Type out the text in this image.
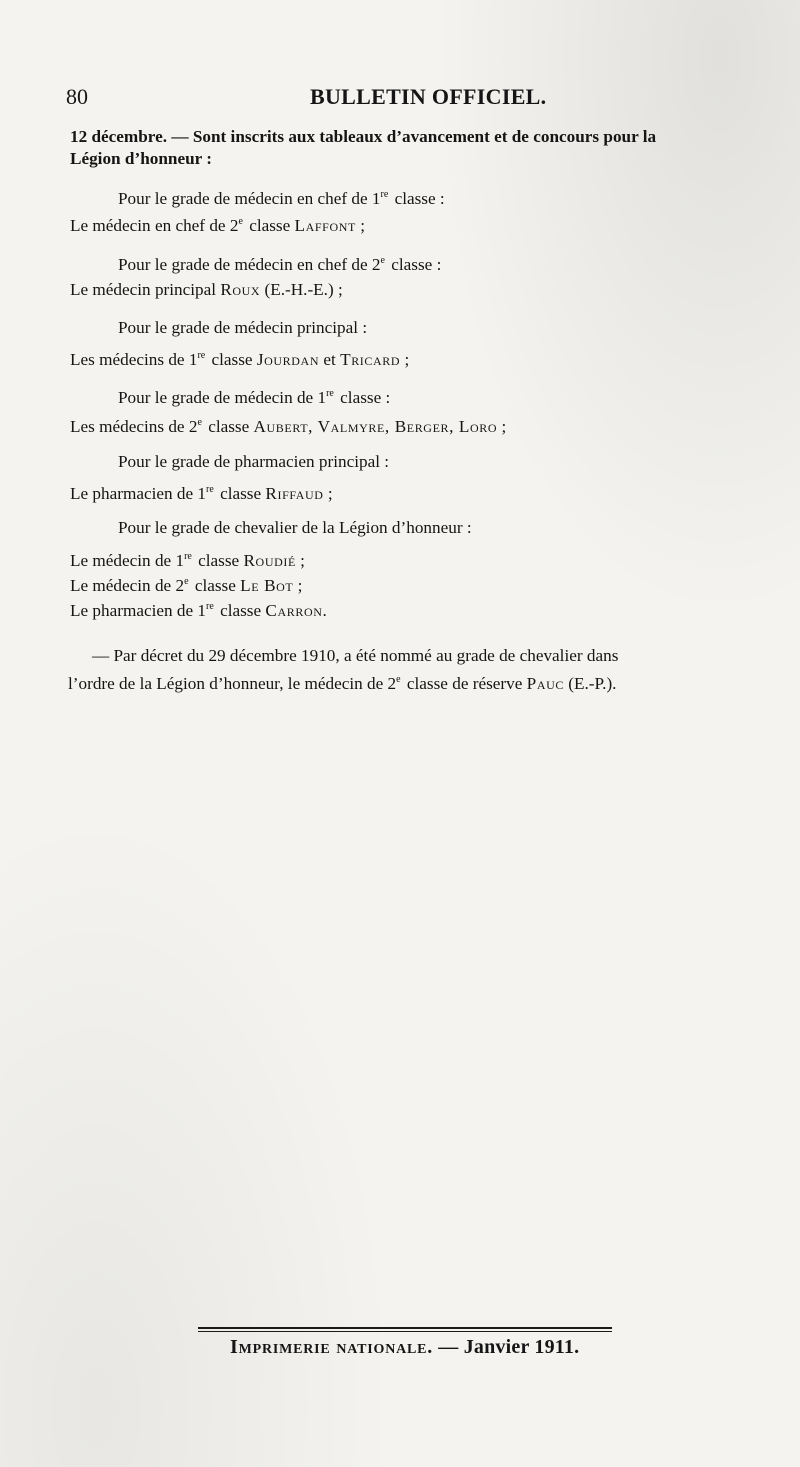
80	BULLETIN OFFICIEL.
12 décembre. — Sont inscrits aux tableaux d’avancement et de concours pour la
Légion d’honneur :
Pour le grade de médecin en chef de 1re classe :
Le médecin en chef de 2e classe Laffont ;
Pour le grade de médecin en chef de 2e classe :
Le médecin principal Roux (E.-H.-E.) ;
Pour le grade de médecin principal :
Les médecins de 1re classe Jourdan et Tricard ;
Pour le grade de médecin de 1re classe :
Les médecins de 2e classe Aubert, Valmyre, Berger, Loro ;
Pour le grade de pharmacien principal :
Le pharmacien de 1re classe Riffaud ;
Pour le grade de chevalier de la Légion d’honneur :
Le médecin de 1re classe Roudié ;
Le médecin de 2e classe Le Bot ;
Le pharmacien de 1re classe Carron.
— Par décret du 29 décembre 1910, a été nommé au grade de chevalier dans
l’ordre de la Légion d’honneur, le médecin de 2e classe de réserve Pauc (E.-P.).
Imprimerie nationale. — Janvier 1911.
